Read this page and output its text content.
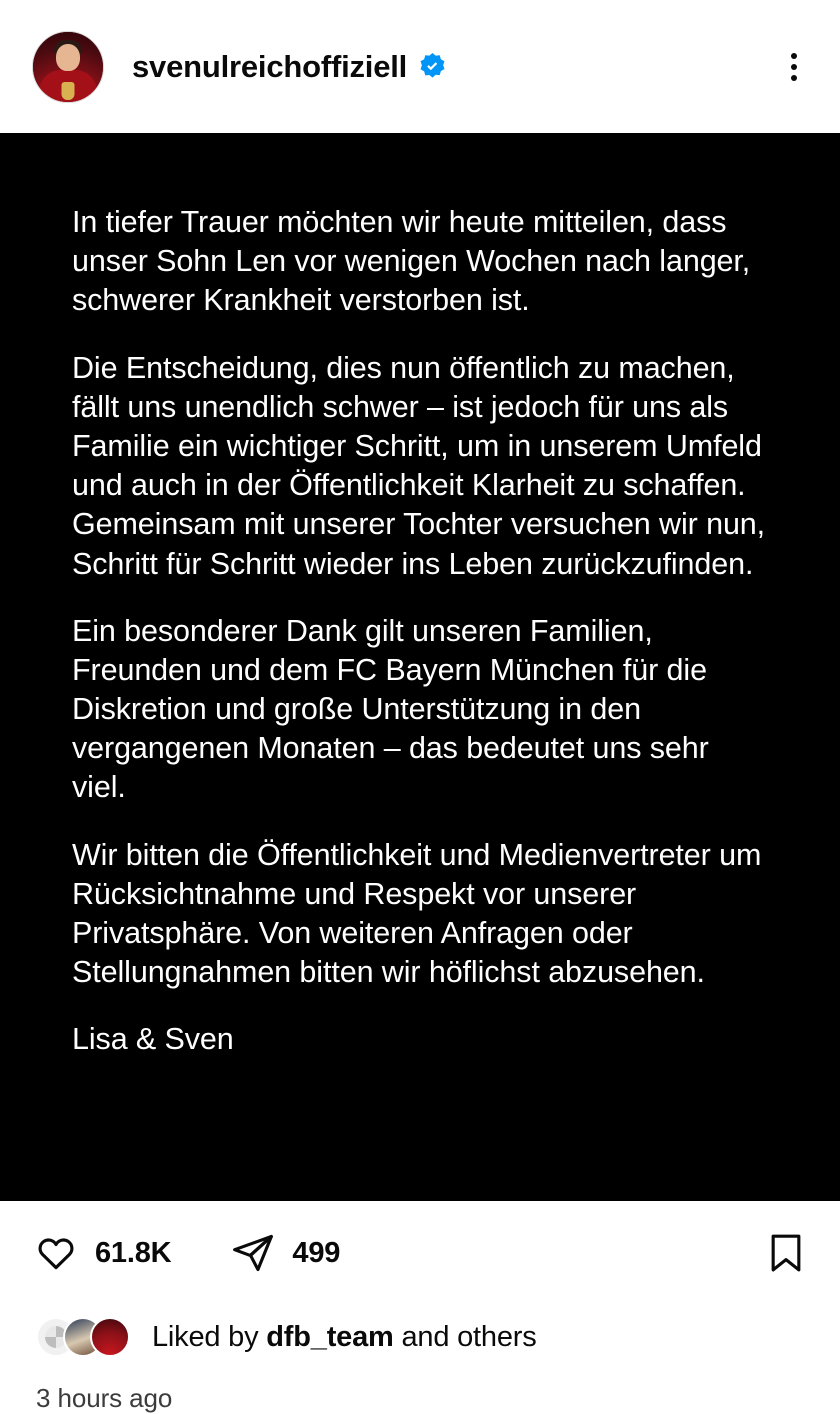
svenulreichoffiziell

In tiefer Trauer möchten wir heute mitteilen, dass unser Sohn Len vor wenigen Wochen nach langer, schwerer Krankheit verstorben ist.

Die Entscheidung, dies nun öffentlich zu machen, fällt uns unendlich schwer – ist jedoch für uns als Familie ein wichtiger Schritt, um in unserem Umfeld und auch in der Öffentlichkeit Klarheit zu schaffen. Gemeinsam mit unserer Tochter versuchen wir nun, Schritt für Schritt wieder ins Leben zurückzufinden.

Ein besonderer Dank gilt unseren Familien, Freunden und dem FC Bayern München für die Diskretion und große Unterstützung in den vergangenen Monaten – das bedeutet uns sehr viel.

Wir bitten die Öffentlichkeit und Medienvertreter um Rücksichtnahme und Respekt vor unserer Privatsphäre. Von weiteren Anfragen oder Stellungnahmen bitten wir höflichst abzusehen.

Lisa & Sven

61.8K	499
Liked by dfb_team and others
3 hours ago
